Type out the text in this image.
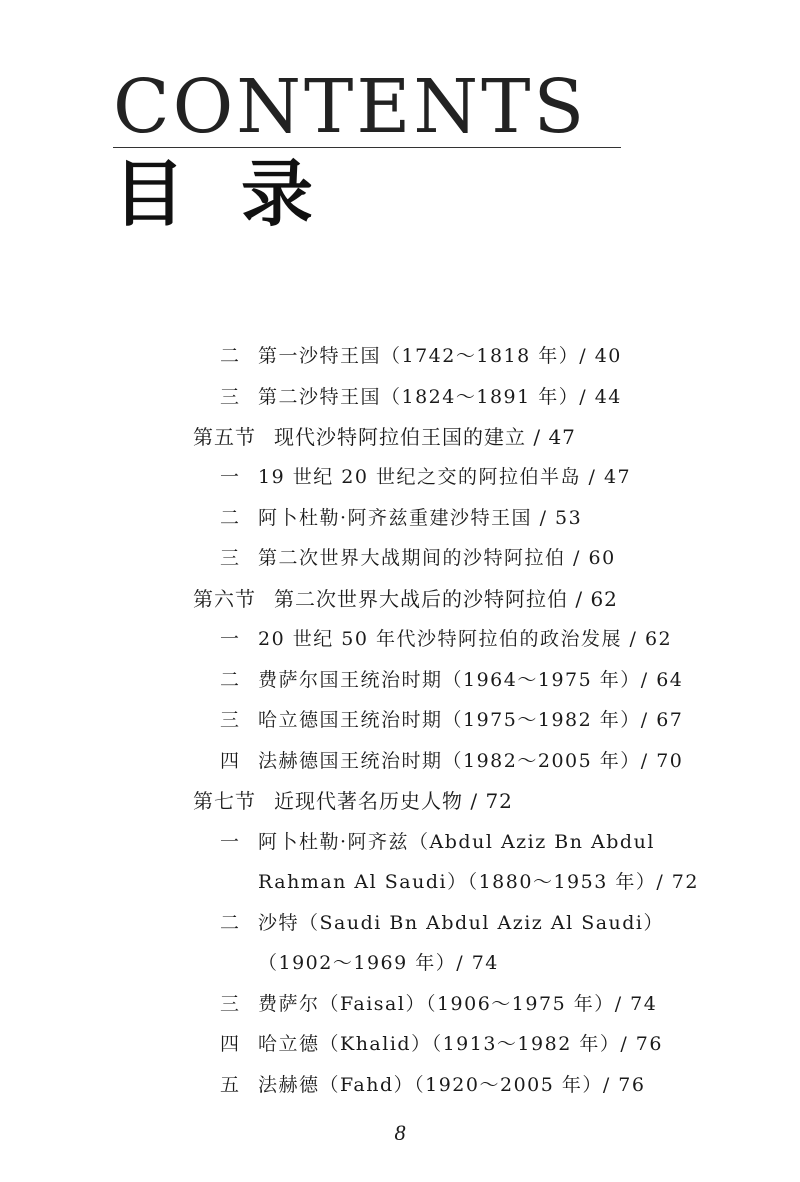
CONTENTS
目录
二 第一沙特王国（1742～1818 年）/ 40
三 第二沙特王国（1824～1891 年）/ 44
第五节 现代沙特阿拉伯王国的建立 / 47
一 19 世纪 20 世纪之交的阿拉伯半岛 / 47
二 阿卜杜勒·阿齐兹重建沙特王国 / 53
三 第二次世界大战期间的沙特阿拉伯 / 60
第六节 第二次世界大战后的沙特阿拉伯 / 62
一 20 世纪 50 年代沙特阿拉伯的政治发展 / 62
二 费萨尔国王统治时期（1964～1975 年）/ 64
三 哈立德国王统治时期（1975～1982 年）/ 67
四 法赫德国王统治时期（1982～2005 年）/ 70
第七节 近现代著名历史人物 / 72
一 阿卜杜勒·阿齐兹（Abdul Aziz Bn Abdul
Rahman Al Saudi）（1880～1953 年）/ 72
二 沙特（Saudi Bn Abdul Aziz Al Saudi）
（1902～1969 年）/ 74
三 费萨尔（Faisal）（1906～1975 年）/ 74
四 哈立德（Khalid）（1913～1982 年）/ 76
五 法赫德（Fahd）（1920～2005 年）/ 76
8
